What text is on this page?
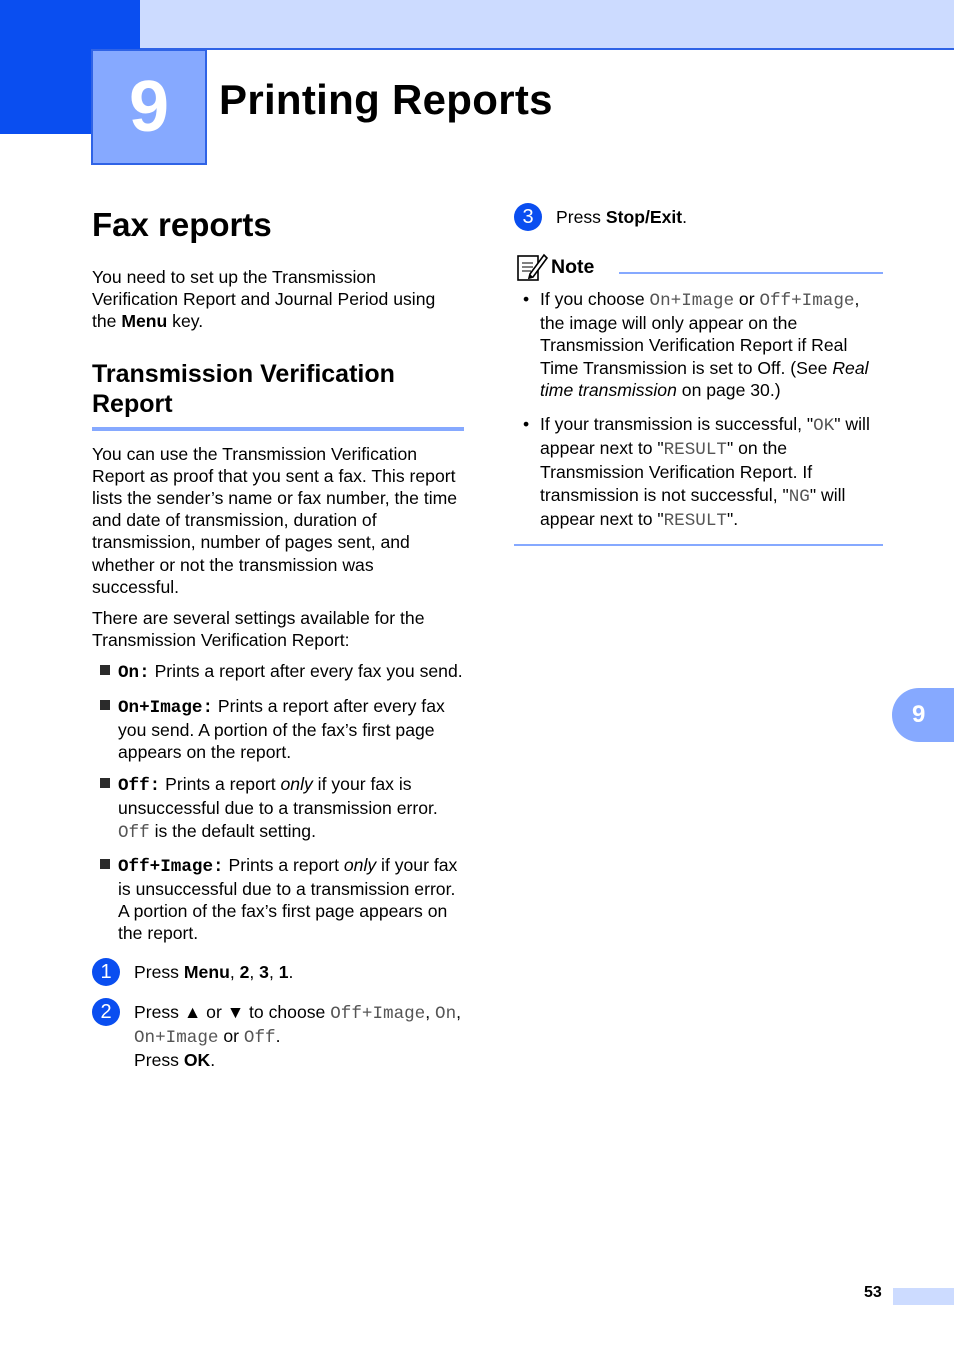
9	Printing Reports
Fax reports

You need to set up the Transmission Verification Report and Journal Period using the Menu key.

Transmission Verification Report

You can use the Transmission Verification Report as proof that you sent a fax. This report lists the sender’s name or fax number, the time and date of transmission, duration of transmission, number of pages sent, and whether or not the transmission was successful.

There are several settings available for the Transmission Verification Report:

On: Prints a report after every fax you send.
On+Image: Prints a report after every fax you send. A portion of the fax’s first page appears on the report.
Off: Prints a report only if your fax is unsuccessful due to a transmission error. Off is the default setting.
Off+Image: Prints a report only if your fax is unsuccessful due to a transmission error. A portion of the fax’s first page appears on the report.
1	Press Menu, 2, 3, 1.
2	Press ▲ or ▼ to choose Off+Image, On,
On+Image or Off.
Press OK.
3	Press Stop/Exit.
Note
• If you choose On+Image or Off+Image, the image will only appear on the Transmission Verification Report if Real Time Transmission is set to Off. (See Real time transmission on page 30.)
• If your transmission is successful, "OK" will appear next to "RESULT" on the Transmission Verification Report. If transmission is not successful, "NG" will appear next to "RESULT".
9
53
